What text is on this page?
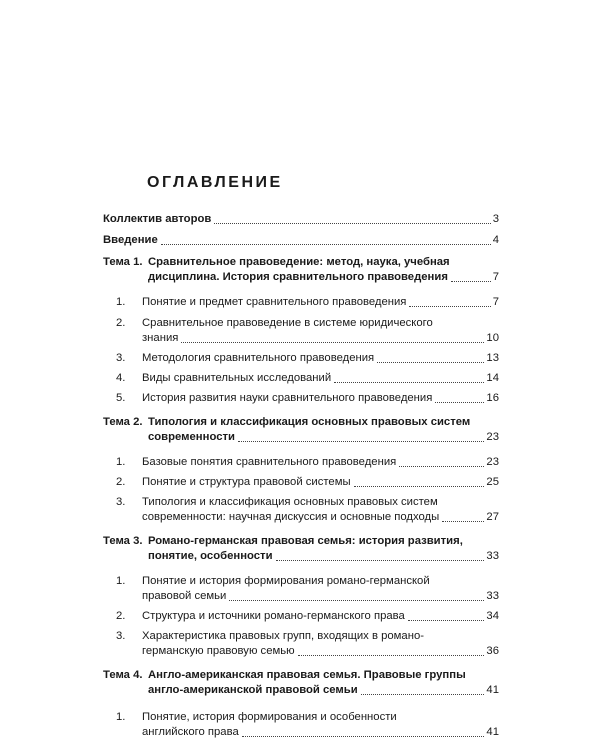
ОГЛАВЛЕНИЕ
Коллектив авторов	3
Введение	4
Тема 1. Сравнительное правоведение: метод, наука, учебная
дисциплина. История сравнительного правоведения	7
1.	Понятие и предмет сравнительного правоведения	7
2.	Сравнительное правоведение в системе юридического
знания	10
3.	Методология сравнительного правоведения	13
4.	Виды сравнительных исследований	14
5.	История развития науки сравнительного правоведения	16
Тема 2. Типология и классификация основных правовых систем
современности	23
1.	Базовые понятия сравнительного правоведения	23
2.	Понятие и структура правовой системы	25
3.	Типология и классификация основных правовых систем
современности: научная дискуссия и основные подходы	27
Тема 3. Романо-германская правовая семья: история развития,
понятие, особенности	33
1.	Понятие и история формирования романо-германской
правовой семьи	33
2.	Структура и источники романо-германского права	34
3.	Характеристика правовых групп, входящих в романо-
германскую правовую семью	36
Тема 4. Англо-американская правовая семья. Правовые группы
англо-американской правовой семьи	41
1.	Понятие, история формирования и особенности
английского права	41
